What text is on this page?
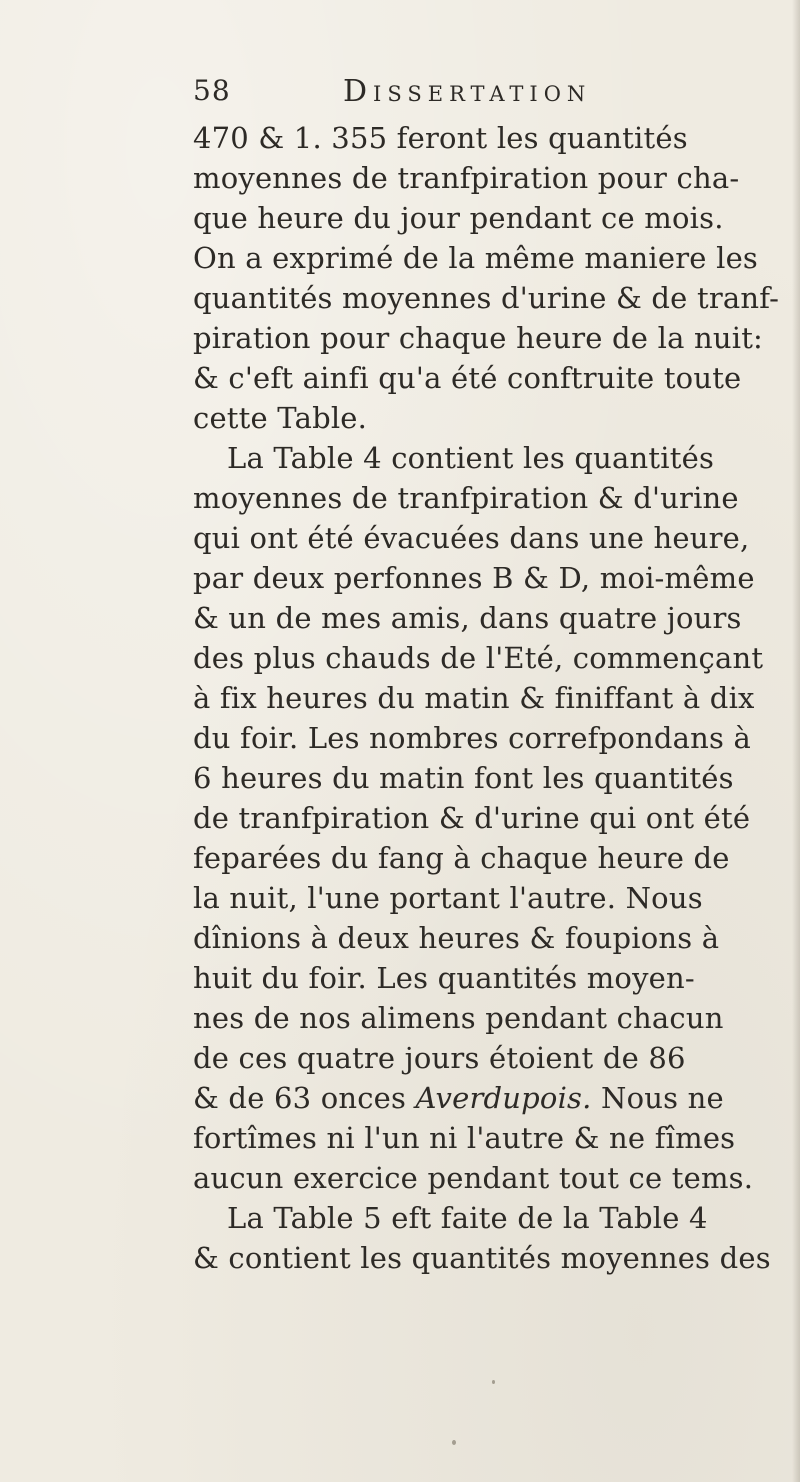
58	Dissertation
470 & 1. 355 feront les quantités
moyennes de tranfpiration pour cha-
que heure du jour pendant ce mois.
On a exprimé de la même maniere les
quantités moyennes d'urine & de tranf-
piration pour chaque heure de la nuit:
& c'eft ainfi qu'a été conftruite toute
cette Table.
La Table 4 contient les quantités
moyennes de tranfpiration & d'urine
qui ont été évacuées dans une heure,
par deux perfonnes B & D, moi-même
& un de mes amis, dans quatre jours
des plus chauds de l'Eté, commençant
à fix heures du matin & finiffant à dix
du foir. Les nombres correfpondans à
6 heures du matin font les quantités
de tranfpiration & d'urine qui ont été
feparées du fang à chaque heure de
la nuit, l'une portant l'autre. Nous
dînions à deux heures & foupions à
huit du foir. Les quantités moyen-
nes de nos alimens pendant chacun
de ces quatre jours étoient de 86
& de 63 onces Averdupois. Nous ne
fortîmes ni l'un ni l'autre & ne fîmes
aucun exercice pendant tout ce tems.
La Table 5 eft faite de la Table 4
& contient les quantités moyennes des
